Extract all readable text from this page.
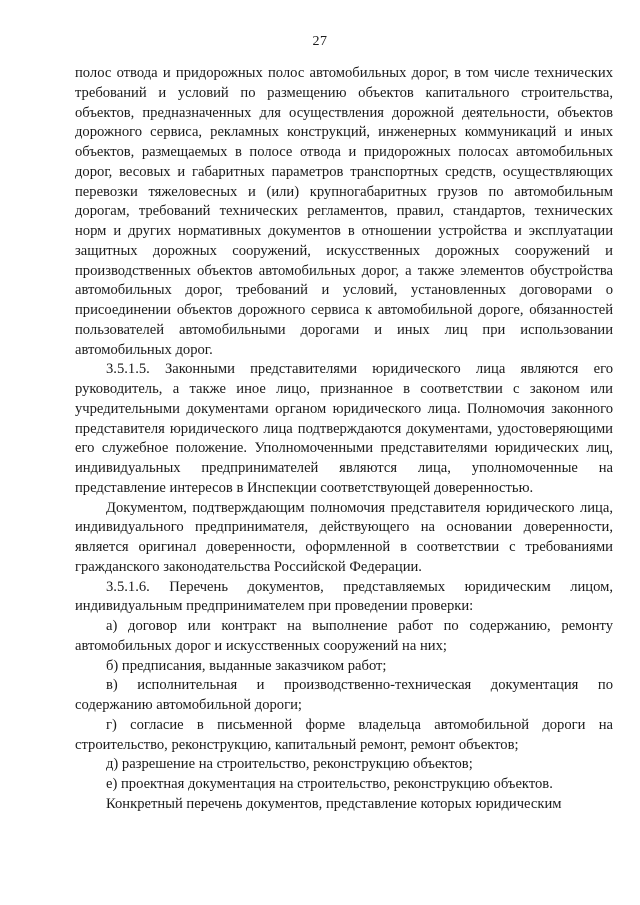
27

полос отвода и придорожных полос автомобильных дорог, в том числе технических требований и условий по размещению объектов капитального строительства, объектов, предназначенных для осуществления дорожной деятельности, объектов дорожного сервиса, рекламных конструкций, инженерных коммуникаций и иных объектов, размещаемых в полосе отвода и придорожных полосах автомобильных дорог, весовых и габаритных параметров транспортных средств, осуществляющих перевозки тяжеловесных и (или) крупногабаритных грузов по автомобильным дорогам, требований технических регламентов, правил, стандартов, технических норм и других нормативных документов в отношении устройства и эксплуатации защитных дорожных сооружений, искусственных дорожных сооружений и производственных объектов автомобильных дорог, а также элементов обустройства автомобильных дорог, требований и условий, установленных договорами о присоединении объектов дорожного сервиса к автомобильной дороге, обязанностей пользователей автомобильными дорогами и иных лиц при использовании автомобильных дорог.

3.5.1.5. Законными представителями юридического лица являются его руководитель, а также иное лицо, признанное в соответствии с законом или учредительными документами органом юридического лица. Полномочия законного представителя юридического лица подтверждаются документами, удостоверяющими его служебное положение. Уполномоченными представителями юридических лиц, индивидуальных предпринимателей являются лица, уполномоченные на представление интересов в Инспекции соответствующей доверенностью.

Документом, подтверждающим полномочия представителя юридического лица, индивидуального предпринимателя, действующего на основании доверенности, является оригинал доверенности, оформленной в соответствии с требованиями гражданского законодательства Российской Федерации.

3.5.1.6. Перечень документов, представляемых юридическим лицом, индивидуальным предпринимателем при проведении проверки:

а) договор или контракт на выполнение работ по содержанию, ремонту автомобильных дорог и искусственных сооружений на них;

б) предписания, выданные заказчиком работ;

в) исполнительная и производственно-техническая документация по содержанию автомобильной дороги;

г) согласие в письменной форме владельца автомобильной дороги на строительство, реконструкцию, капитальный ремонт, ремонт объектов;

д) разрешение на строительство, реконструкцию объектов;

е) проектная документация на строительство, реконструкцию объектов.

Конкретный перечень документов, представление которых юридическим
